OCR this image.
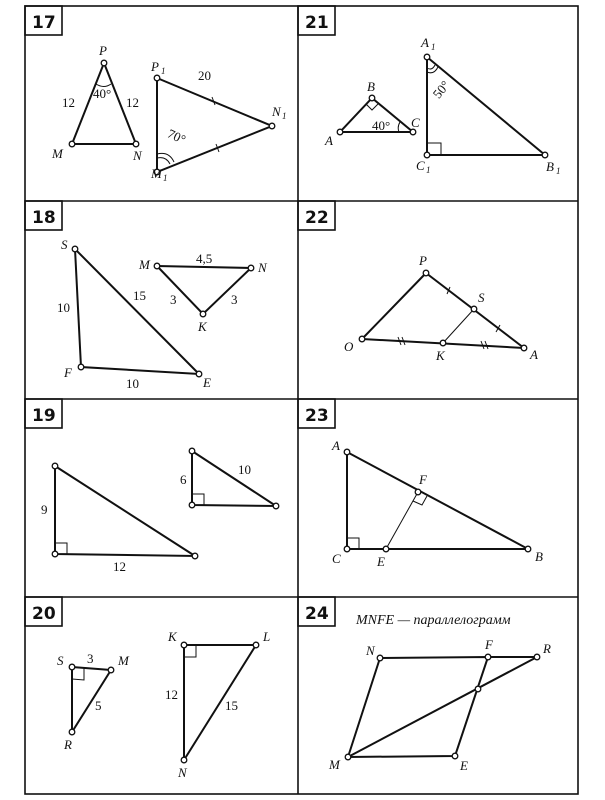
17	21
18	22
19	23
20	24
P
M	N
P 1
M 1
N 1
12	12
40°
20
70°	A
B
C
A 1
B 1
C 1
40°
50°
S
F
E
M	N
K
10
15
10
4,5
3	3
P
S
O
K	A
9
12
6
10
A
F
C	E	B
S	M
R
K	L
N
3
5
12
15
MNFE — параллелограмм
N	F	R
M	E
